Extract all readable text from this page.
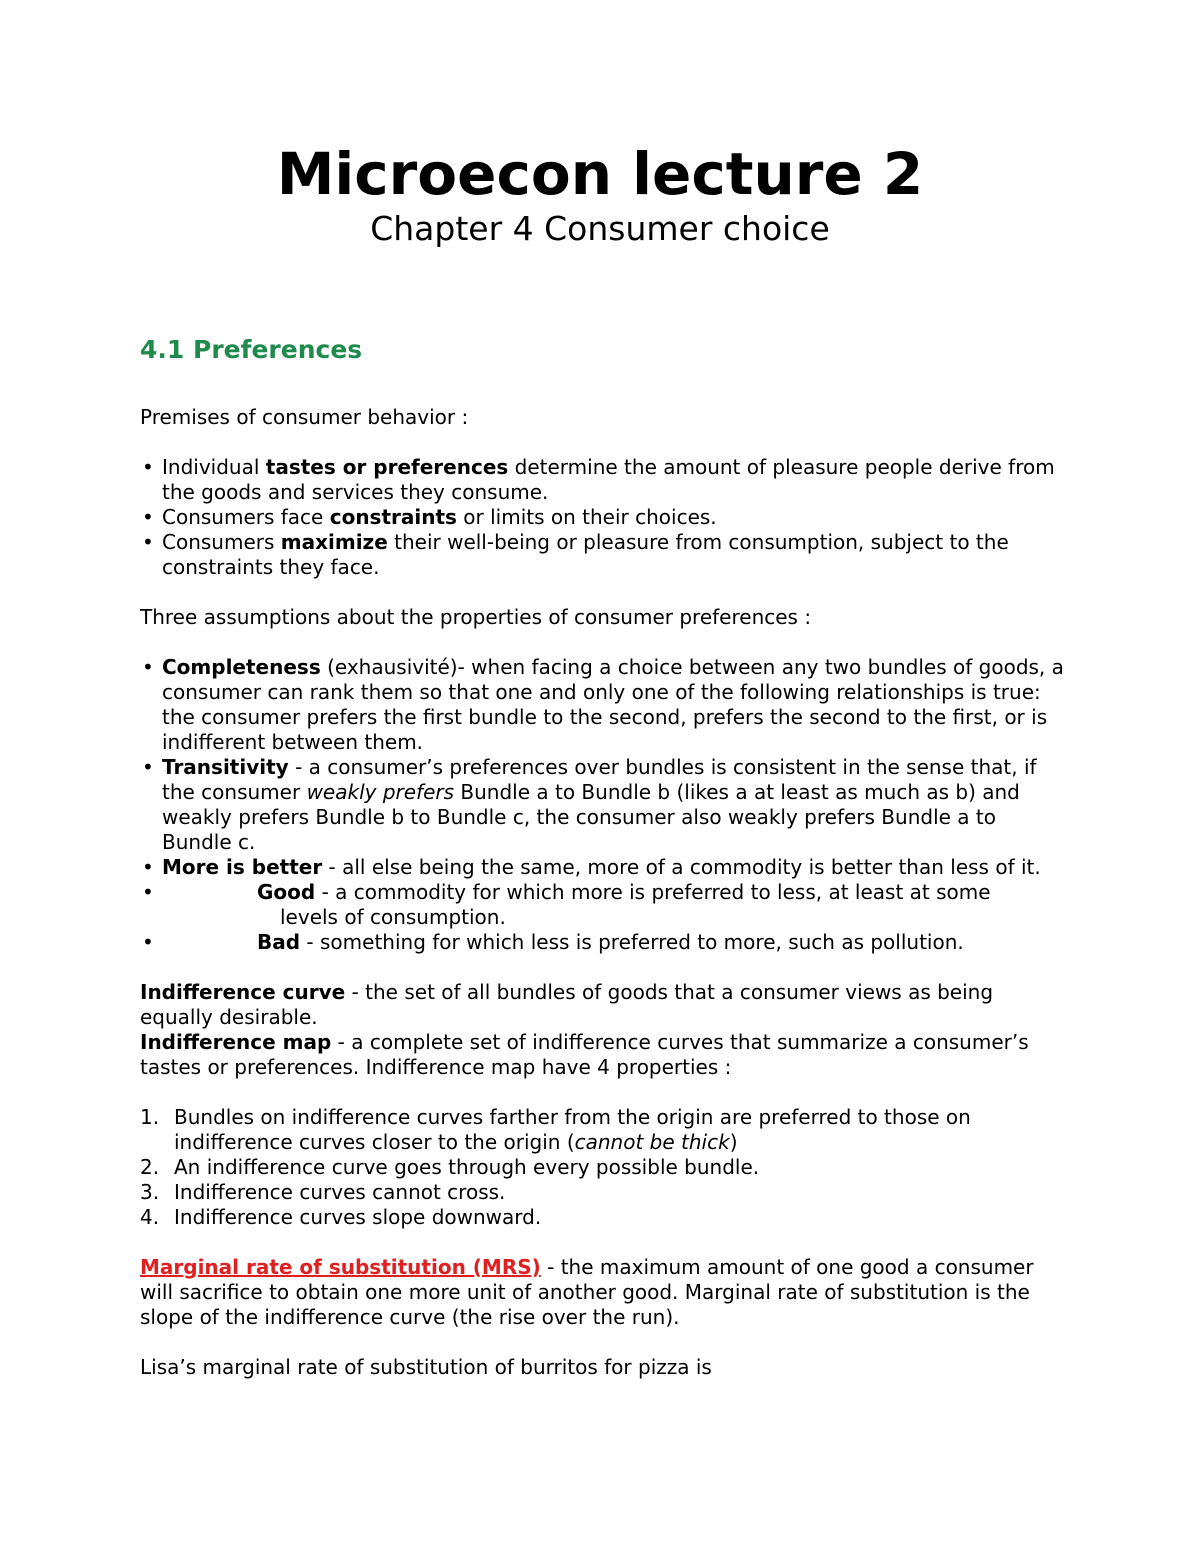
Microecon lecture 2
Chapter 4 Consumer choice
4.1 Preferences

Premises of consumer behavior :

• Individual tastes or preferences determine the amount of pleasure people derive from the goods and services they consume.
• Consumers face constraints or limits on their choices.
• Consumers maximize their well-being or pleasure from consumption, subject to the constraints they face.

Three assumptions about the properties of consumer preferences :

• Completeness (exhausivité)- when facing a choice between any two bundles of goods, a consumer can rank them so that one and only one of the following relationships is true: the consumer prefers the first bundle to the second, prefers the second to the first, or is indifferent between them.
• Transitivity - a consumer’s preferences over bundles is consistent in the sense that, if the consumer weakly prefers Bundle a to Bundle b (likes a at least as much as b) and weakly prefers Bundle b to Bundle c, the consumer also weakly prefers Bundle a to Bundle c.
• More is better - all else being the same, more of a commodity is better than less of it.
•	Good - a commodity for which more is preferred to less, at least at some
levels of consumption.
•	Bad - something for which less is preferred to more, such as pollution.

Indifference curve - the set of all bundles of goods that a consumer views as being equally desirable.

Indifference map - a complete set of indifference curves that summarize a consumer’s tastes or preferences. Indifference map have 4 properties :

1. Bundles on indifference curves farther from the origin are preferred to those on indifference curves closer to the origin (cannot be thick)
2. An indifference curve goes through every possible bundle.
3. Indifference curves cannot cross.
4. Indifference curves slope downward.

Marginal rate of substitution (MRS) - the maximum amount of one good a consumer will sacrifice to obtain one more unit of another good. Marginal rate of substitution is the slope of the indifference curve (the rise over the run).

Lisa’s marginal rate of substitution of burritos for pizza is
